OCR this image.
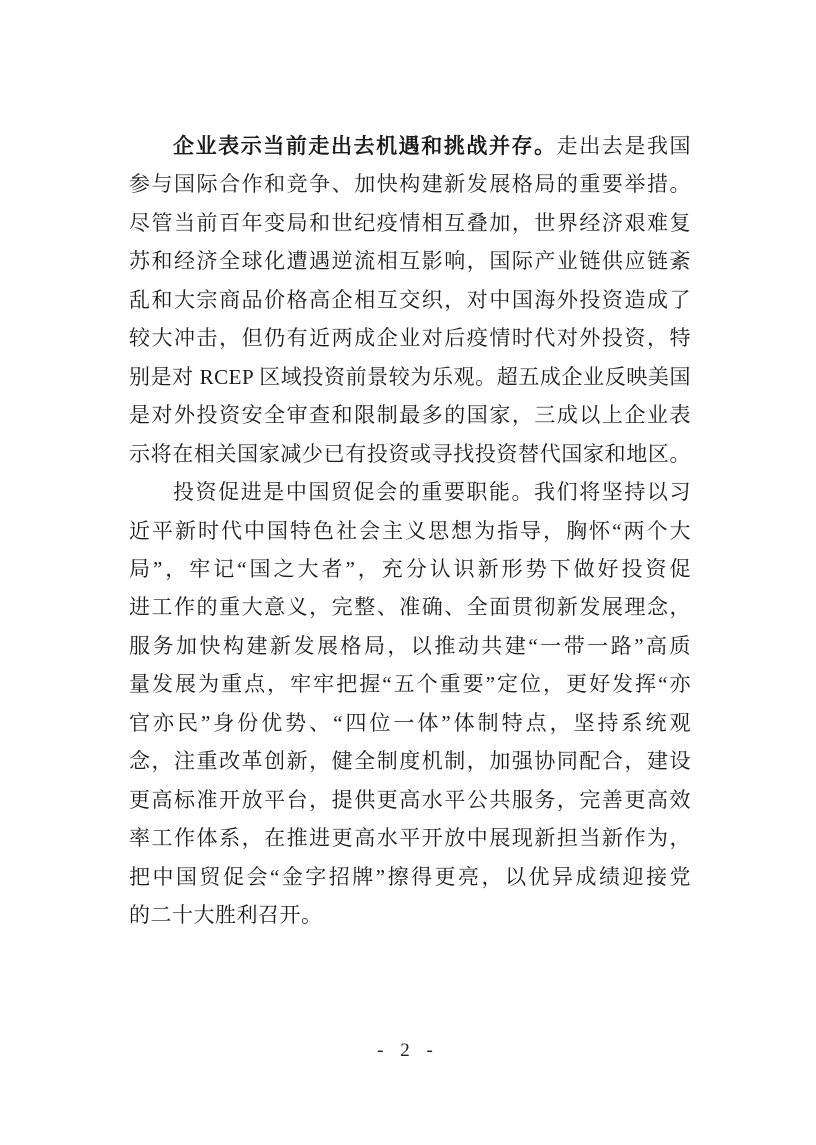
企业表示当前走出去机遇和挑战并存。走出去是我国
参与国际合作和竞争、加快构建新发展格局的重要举措。
尽管当前百年变局和世纪疫情相互叠加，世界经济艰难复
苏和经济全球化遭遇逆流相互影响，国际产业链供应链紊
乱和大宗商品价格高企相互交织，对中国海外投资造成了
较大冲击，但仍有近两成企业对后疫情时代对外投资，特
别是对 RCEP 区域投资前景较为乐观。超五成企业反映美国
是对外投资安全审查和限制最多的国家，三成以上企业表
示将在相关国家减少已有投资或寻找投资替代国家和地区。
投资促进是中国贸促会的重要职能。我们将坚持以习
近平新时代中国特色社会主义思想为指导，胸怀“两个大
局”，牢记“国之大者”，充分认识新形势下做好投资促
进工作的重大意义，完整、准确、全面贯彻新发展理念，
服务加快构建新发展格局，以推动共建“一带一路”高质
量发展为重点，牢牢把握“五个重要”定位，更好发挥“亦
官亦民”身份优势、“四位一体”体制特点，坚持系统观
念，注重改革创新，健全制度机制，加强协同配合，建设
更高标准开放平台，提供更高水平公共服务，完善更高效
率工作体系，在推进更高水平开放中展现新担当新作为，
把中国贸促会“金字招牌”擦得更亮，以优异成绩迎接党
的二十大胜利召开。
- 2 -
